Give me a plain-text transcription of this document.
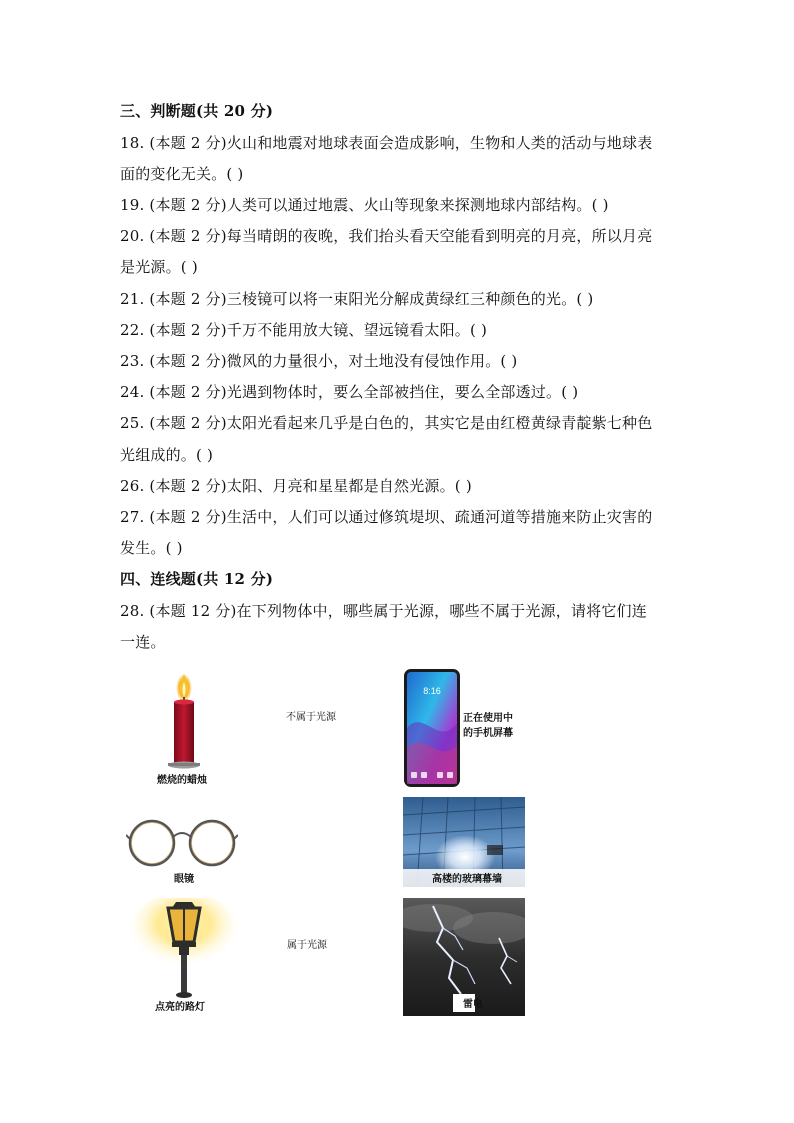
三、判断题(共 20 分)
18. (本题 2 分)火山和地震对地球表面会造成影响，生物和人类的活动与地球表
面的变化无关。( )
19. (本题 2 分)人类可以通过地震、火山等现象来探测地球内部结构。( )
20. (本题 2 分)每当晴朗的夜晚，我们抬头看天空能看到明亮的月亮，所以月亮
是光源。( )
21. (本题 2 分)三棱镜可以将一束阳光分解成黄绿红三种颜色的光。( )
22. (本题 2 分)千万不能用放大镜、望远镜看太阳。( )
23. (本题 2 分)微风的力量很小，对土地没有侵蚀作用。( )
24. (本题 2 分)光遇到物体时，要么全部被挡住，要么全部透过。( )
25. (本题 2 分)太阳光看起来几乎是白色的，其实它是由红橙黄绿青靛紫七种色
光组成的。( )
26. (本题 2 分)太阳、月亮和星星都是自然光源。( )
27. (本题 2 分)生活中，人们可以通过修筑堤坝、疏通河道等措施来防止灾害的
发生。( )
四、连线题(共 12 分)
28. (本题 12 分)在下列物体中，哪些属于光源，哪些不属于光源，请将它们连
一连。
燃烧的蜡烛
眼镜
点亮的路灯
不属于光源
属于光源
8:16
正在使用中
的手机屏幕
高楼的玻璃幕墙
雷电
